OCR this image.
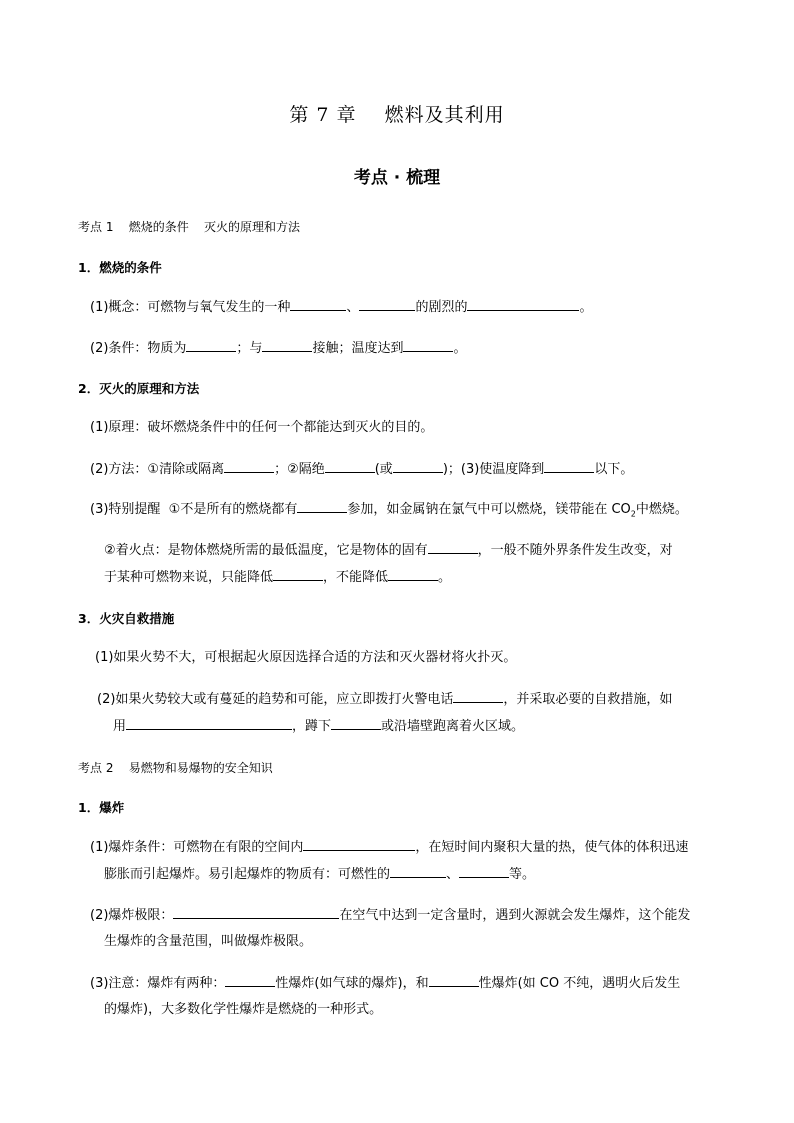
第 7 章    燃料及其利用
考点 · 梳理
考点 1    燃烧的条件    灭火的原理和方法
1．燃烧的条件
(1)概念：可燃物与氧气发生的一种	、	的剧烈的	。
(2)条件：物质为	；与	接触；温度达到	。
2．灭火的原理和方法
(1)原理：破坏燃烧条件中的任何一个都能达到灭火的目的。
(2)方法：①清除或隔离	；②隔绝	(或	)；(3)使温度降到	以下。
(3)特别提醒  ①不是所有的燃烧都有	参加，如金属钠在氯气中可以燃烧，镁带能在 $CO_2$中燃烧。
②着火点：是物体燃烧所需的最低温度，它是物体的固有	，一般不随外界条件发生改变，对
于某种可燃物来说，只能降低	，不能降低	。
3．火灾自救措施
(1)如果火势不大，可根据起火原因选择合适的方法和灭火器材将火扑灭。
(2)如果火势较大或有蔓延的趋势和可能，应立即拨打火警电话	，并采取必要的自救措施，如
用	，蹲下	或沿墙壁跑离着火区域。
考点 2    易燃物和易爆物的安全知识
1．爆炸
(1)爆炸条件：可燃物在有限的空间内	，在短时间内聚积大量的热，使气体的体积迅速
膨胀而引起爆炸。易引起爆炸的物质有：可燃性的	、	等。
(2)爆炸极限：	在空气中达到一定含量时，遇到火源就会发生爆炸，这个能发
生爆炸的含量范围，叫做爆炸极限。
(3)注意：爆炸有两种：	性爆炸(如气球的爆炸)，和	性爆炸(如 CO 不纯，遇明火后发生
的爆炸)，大多数化学性爆炸是燃烧的一种形式。
